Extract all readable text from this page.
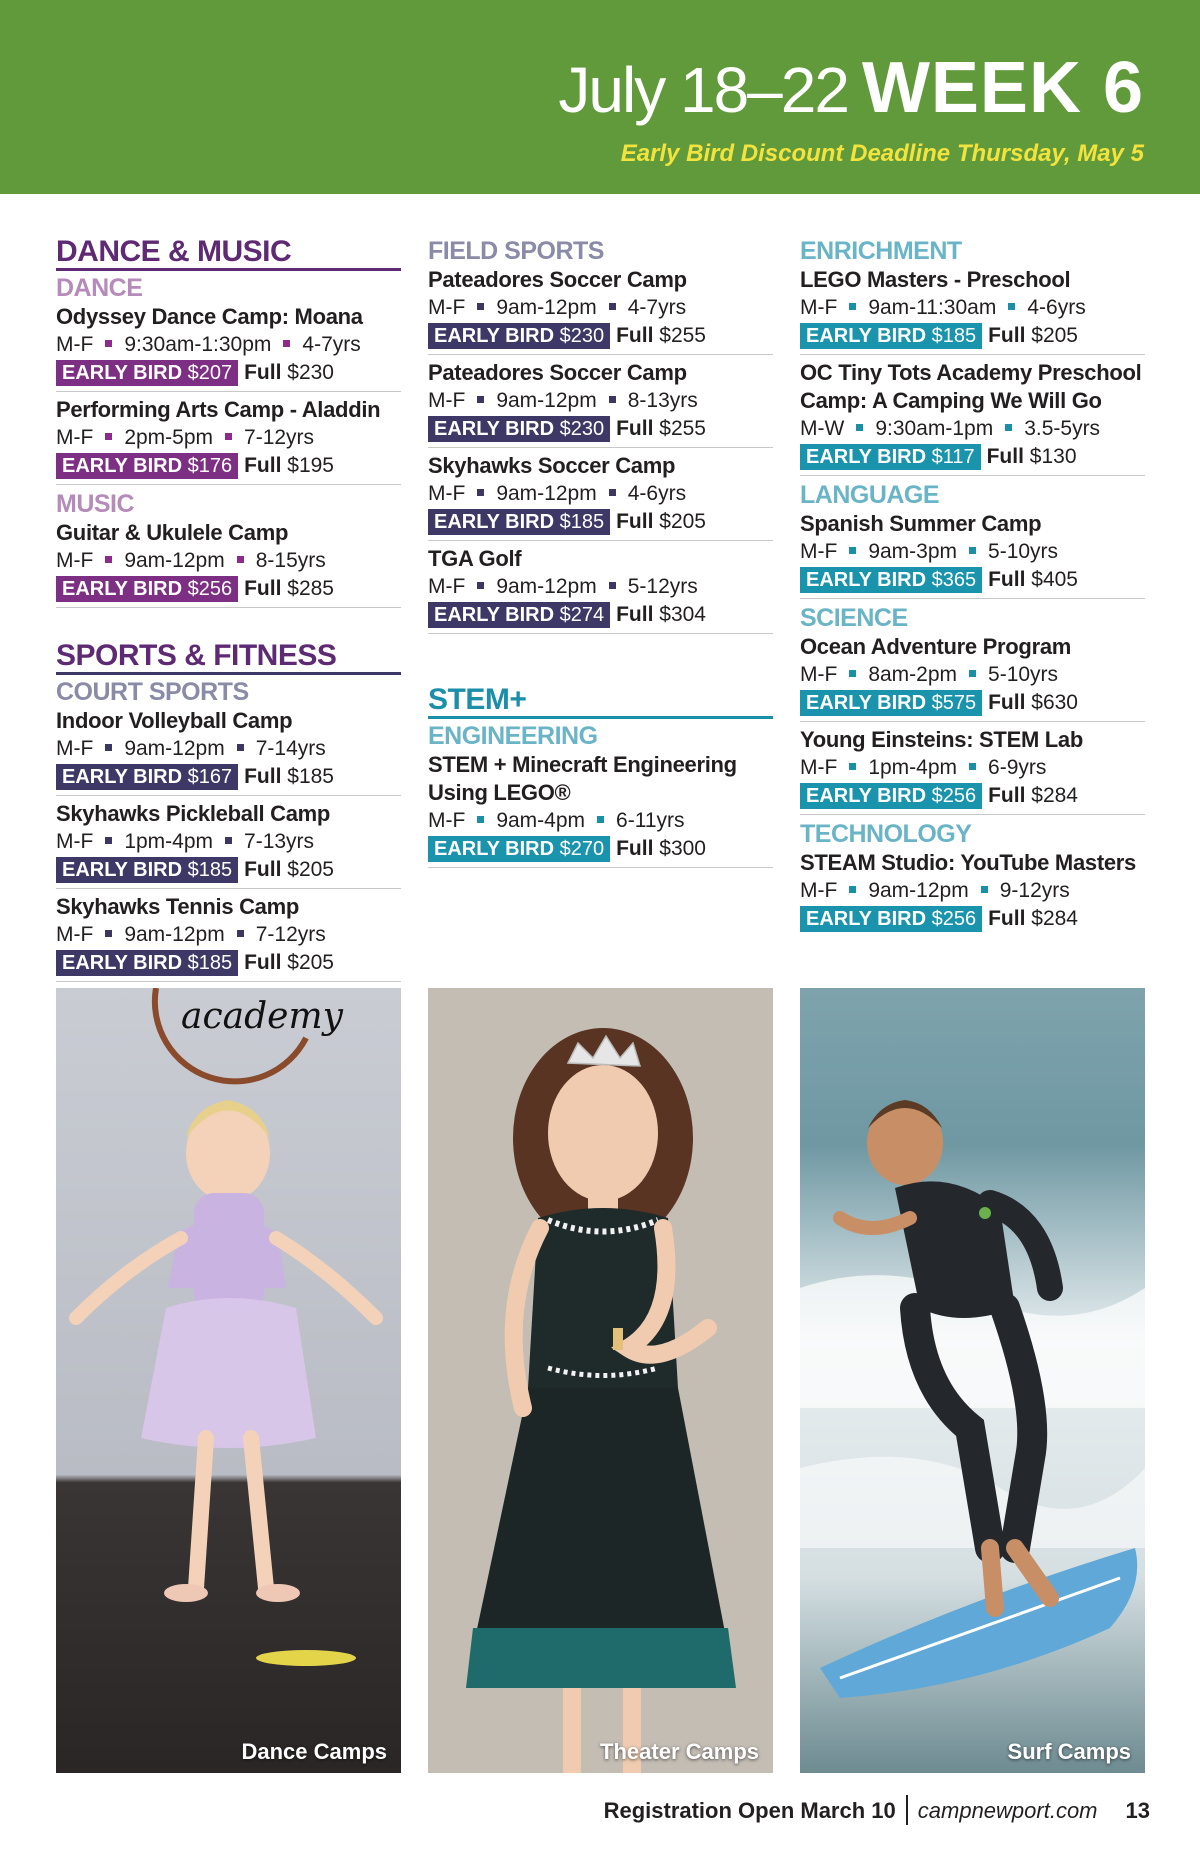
July 18–22 WEEK 6
Early Bird Discount Deadline Thursday, May 5
DANCE & MUSIC
DANCE
Odyssey Dance Camp: Moana
M-F 9:30am-1:30pm 4-7yrs
EARLY BIRD $207 Full $230
Performing Arts Camp - Aladdin
M-F 2pm-5pm 7-12yrs
EARLY BIRD $176 Full $195
MUSIC
Guitar & Ukulele Camp
M-F 9am-12pm 8-15yrs
EARLY BIRD $256 Full $285
SPORTS & FITNESS
COURT SPORTS
Indoor Volleyball Camp
M-F 9am-12pm 7-14yrs
EARLY BIRD $167 Full $185
Skyhawks Pickleball Camp
M-F 1pm-4pm 7-13yrs
EARLY BIRD $185 Full $205
Skyhawks Tennis Camp
M-F 9am-12pm 7-12yrs
EARLY BIRD $185 Full $205
FIELD SPORTS
Pateadores Soccer Camp
M-F 9am-12pm 4-7yrs
EARLY BIRD $230 Full $255
Pateadores Soccer Camp
M-F 9am-12pm 8-13yrs
EARLY BIRD $230 Full $255
Skyhawks Soccer Camp
M-F 9am-12pm 4-6yrs
EARLY BIRD $185 Full $205
TGA Golf
M-F 9am-12pm 5-12yrs
EARLY BIRD $274 Full $304
STEM+
ENGINEERING
STEM + Minecraft Engineering Using LEGO®
M-F 9am-4pm 6-11yrs
EARLY BIRD $270 Full $300
ENRICHMENT
LEGO Masters - Preschool
M-F 9am-11:30am 4-6yrs
EARLY BIRD $185 Full $205
OC Tiny Tots Academy Preschool Camp: A Camping We Will Go
M-W 9:30am-1pm 3.5-5yrs
EARLY BIRD $117 Full $130
LANGUAGE
Spanish Summer Camp
M-F 9am-3pm 5-10yrs
EARLY BIRD $365 Full $405
SCIENCE
Ocean Adventure Program
M-F 8am-2pm 5-10yrs
EARLY BIRD $575 Full $630
Young Einsteins: STEM Lab
M-F 1pm-4pm 6-9yrs
EARLY BIRD $256 Full $284
TECHNOLOGY
STEAM Studio: YouTube Masters
M-F 9am-12pm 9-12yrs
EARLY BIRD $256 Full $284
academy
Dance Camps	Theater Camps	Surf Camps
Registration Open March 10 campnewport.com 13
